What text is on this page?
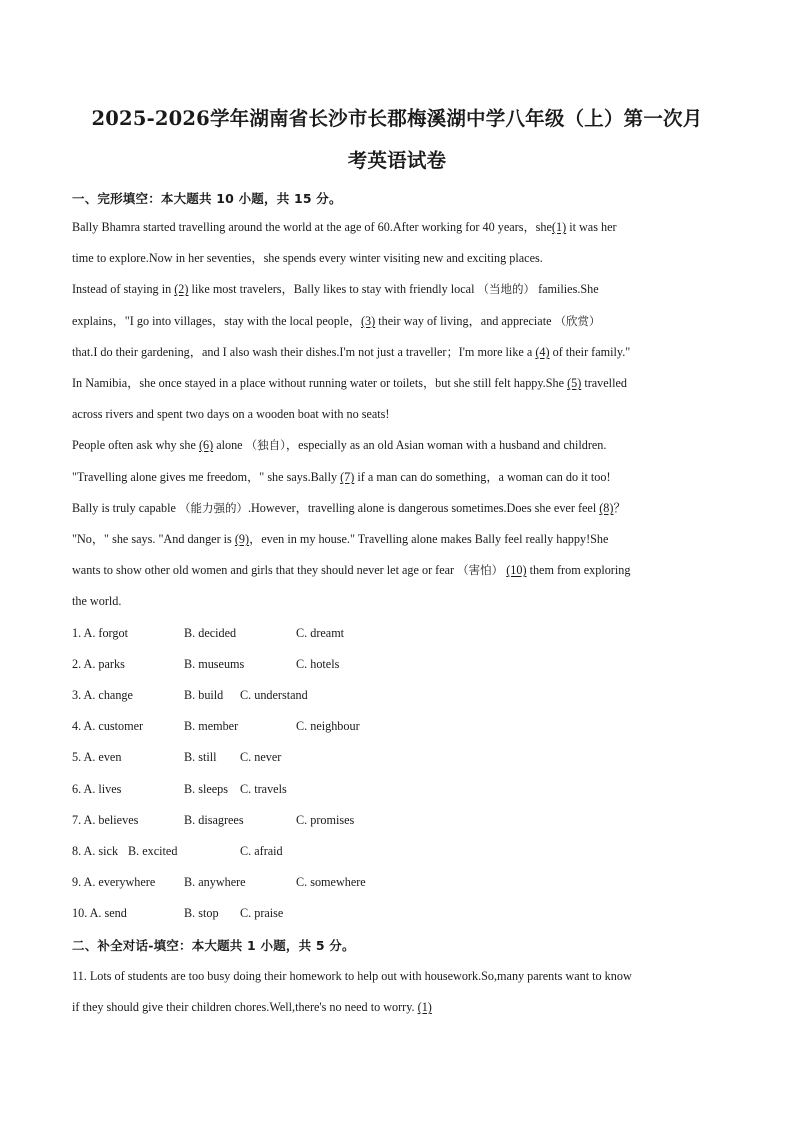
2025-2026学年湖南省长沙市长郡梅溪湖中学八年级（上）第一次月
考英语试卷
一、完形填空：本大题共 10 小题，共 15 分。
Bally Bhamra started travelling around the world at the age of 60.After working for 40 years，she(1) it was her
time to explore.Now in her seventies，she spends every winter visiting new and exciting places.
Instead of staying in (2) like most travelers，Bally likes to stay with friendly local （当地的） families.She
explains，"I go into villages，stay with the local people，(3) their way of living，and appreciate （欣赏）
that.I do their gardening，and I also wash their dishes.I'm not just a traveller；I'm more like a (4) of their family."
In Namibia，she once stayed in a place without running water or toilets，but she still felt happy.She (5) travelled
across rivers and spent two days on a wooden boat with no seats!
People often ask why she (6) alone （独自），especially as an old Asian woman with a husband and children.
"Travelling alone gives me freedom，" she says.Bally (7) if a man can do something，a woman can do it too!
Bally is truly capable （能力强的）.However，travelling alone is dangerous sometimes.Does she ever feel (8)？
"No，" she says. "And danger is (9)，even in my house." Travelling alone makes Bally feel really happy!She
wants to show other old women and girls that they should never let age or fear （害怕） (10) them from exploring
the world.
1. A. forgot	B. decided	C. dreamt
2. A. parks	B. museums	C. hotels
3. A. change	B. build C. understand
4. A. customer	B. member	C. neighbour
5. A. even	B. still C. never
6. A. lives	B. sleeps C. travels
7. A. believes	B. disagrees	C. promises
8. A. sick B. excited	C. afraid
9. A. everywhere B. anywhere	C. somewhere
10. A. send	B. stop C. praise
二、补全对话-填空：本大题共 1 小题，共 5 分。
11. Lots of students are too busy doing their homework to help out with housework.So,many parents want to know
if they should give their children chores.Well,there's no need to worry. (1)
